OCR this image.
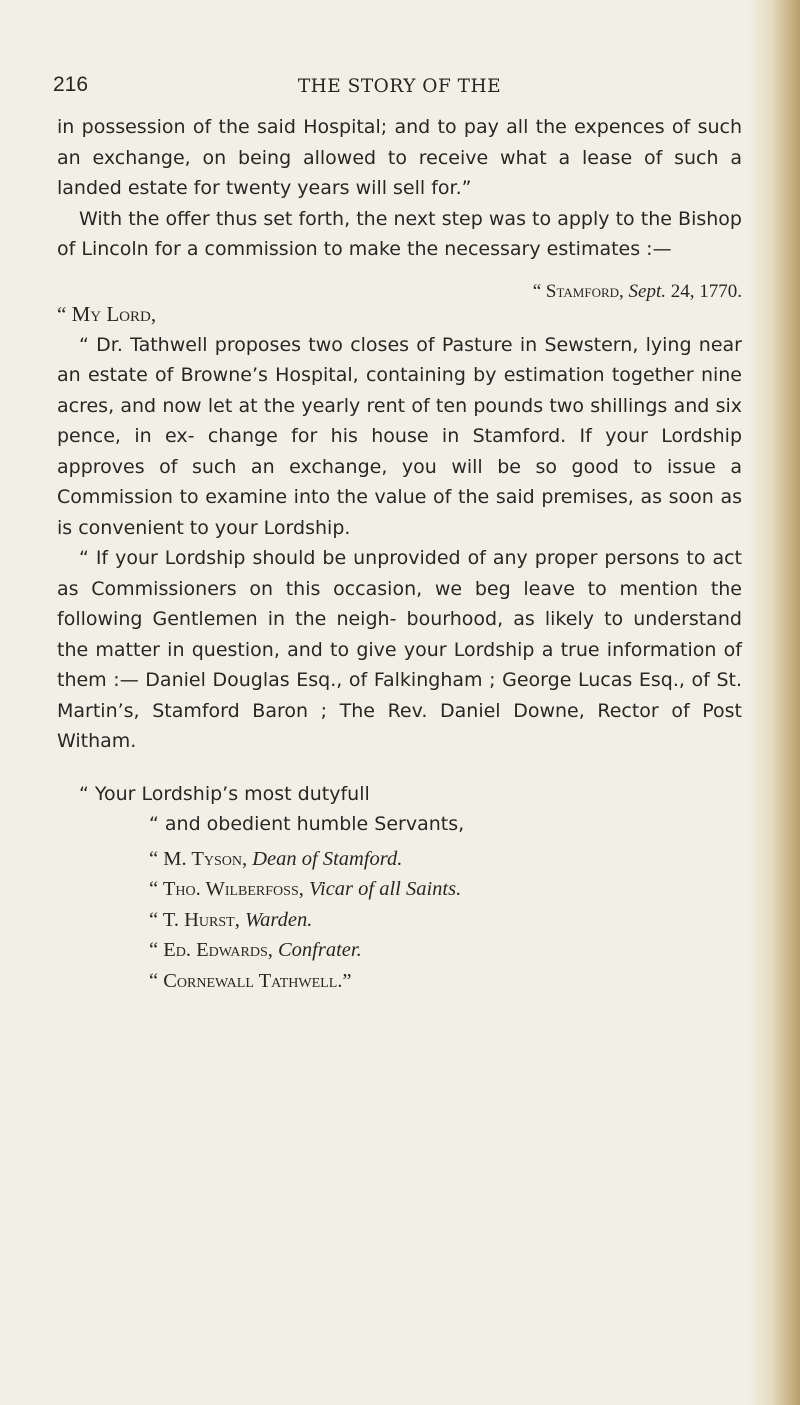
216	THE STORY OF THE

in possession of the said Hospital; and to pay all the expences of such an exchange, on being allowed to receive what a lease of such a landed estate for twenty years will sell for.”

With the offer thus set forth, the next step was to apply to the Bishop of Lincoln for a commission to make the necessary estimates :—

“ Stamford, Sept. 24, 1770.

“ My Lord,

“ Dr. Tathwell proposes two closes of Pasture in Sewstern, lying near an estate of Browne’s Hospital, containing by estimation together nine acres, and now let at the yearly rent of ten pounds two shillings and six pence, in ex- change for his house in Stamford. If your Lordship approves of such an exchange, you will be so good to issue a Commission to examine into the value of the said premises, as soon as is convenient to your Lordship.

“ If your Lordship should be unprovided of any proper persons to act as Commissioners on this occasion, we beg leave to mention the following Gentlemen in the neigh- bourhood, as likely to understand the matter in question, and to give your Lordship a true information of them :— Daniel Douglas Esq., of Falkingham ; George Lucas Esq., of St. Martin’s, Stamford Baron ; The Rev. Daniel Downe, Rector of Post Witham.

“ Your Lordship’s most dutyfull

“ and obedient humble Servants,

“ M. Tyson, Dean of Stamford.

“ Tho. Wilberfoss, Vicar of all Saints.

“ T. Hurst, Warden.

“ Ed. Edwards, Confrater.

“ Cornewall Tathwell.”
